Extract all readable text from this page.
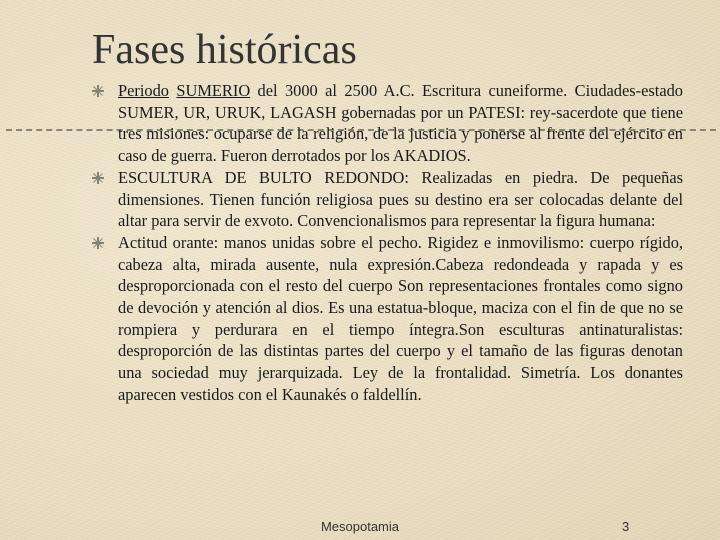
Fases históricas
Periodo SUMERIO del 3000 al 2500 A.C. Escritura cuneiforme. Ciudades-estado SUMER, UR, URUK, LAGASH gobernadas por un PATESI: rey-sacerdote que tiene tres misiones: ocuparse de la religión, de la justicia y ponerse al frente del ejército en caso de guerra. Fueron derrotados por los AKADIOS.
ESCULTURA DE BULTO REDONDO: Realizadas en piedra. De pequeñas dimensiones. Tienen función religiosa pues su destino era ser colocadas delante del altar para servir de exvoto. Convencionalismos para representar la figura humana:
Actitud orante: manos unidas sobre el pecho. Rigidez e inmovilismo: cuerpo rígido, cabeza alta, mirada ausente, nula expresión.Cabeza redondeada y rapada y es desproporcionada con el resto del cuerpo Son representaciones frontales como signo de devoción y atención al dios. Es una estatua-bloque, maciza con el fin de que no se rompiera y perdurara en el tiempo íntegra.Son esculturas antinaturalistas: desproporción de las distintas partes del cuerpo y el tamaño de las figuras denotan una sociedad muy jerarquizada. Ley de la frontalidad. Simetría. Los donantes aparecen vestidos con el Kaunakés o faldellín.
Mesopotamia	3
